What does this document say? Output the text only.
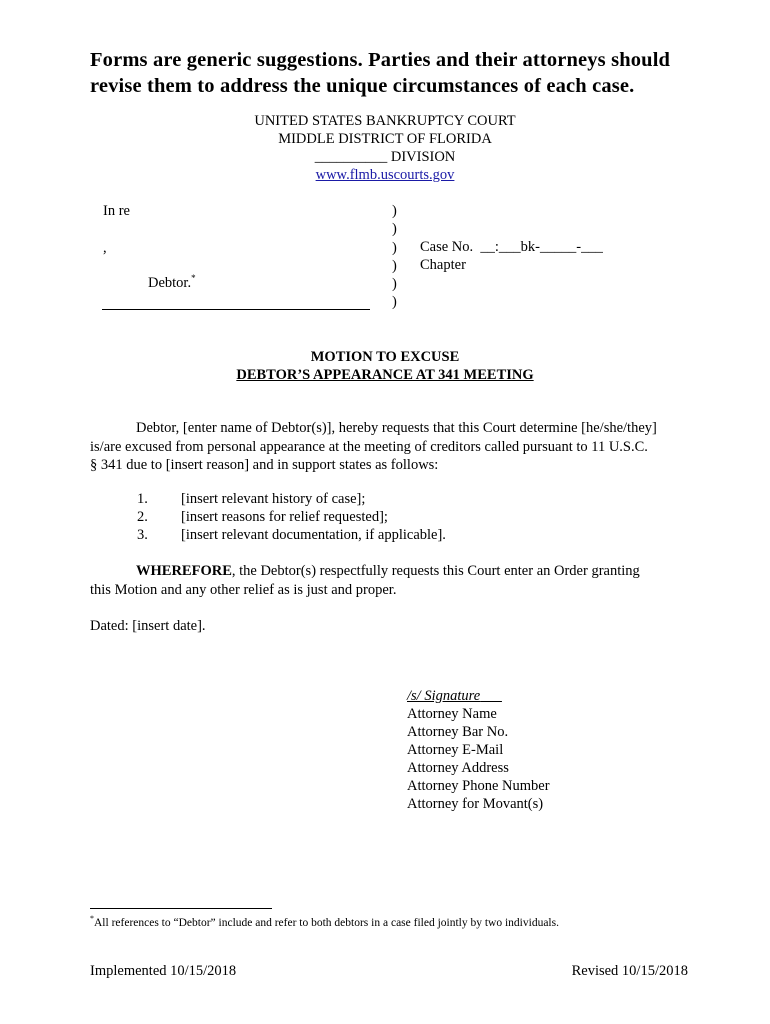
Forms are generic suggestions. Parties and their attorneys should
revise them to address the unique circumstances of each case.
UNITED STATES BANKRUPTCY COURT
MIDDLE DISTRICT OF FLORIDA
__________ DIVISION
www.flmb.uscourts.gov
In re
,
Debtor.*
)
)
)
)
)
)
Case No.  __:___bk-_____-___
Chapter
MOTION TO EXCUSE
DEBTOR’S APPEARANCE AT 341 MEETING
Debtor, [enter name of Debtor(s)], hereby requests that this Court determine [he/she/they]
is/are excused from personal appearance at the meeting of creditors called pursuant to 11 U.S.C.
§ 341 due to [insert reason] and in support states as follows:
1. [insert relevant history of case];
2. [insert reasons for relief requested];
3. [insert relevant documentation, if applicable].
WHEREFORE, the Debtor(s) respectfully requests this Court enter an Order granting
this Motion and any other relief as is just and proper.
Dated: [insert date].
/s/ Signature
Attorney Name
Attorney Bar No.
Attorney E-Mail
Attorney Address
Attorney Phone Number
Attorney for Movant(s)
*All references to “Debtor” include and refer to both debtors in a case filed jointly by two individuals.
Implemented 10/15/2018	Revised 10/15/2018
